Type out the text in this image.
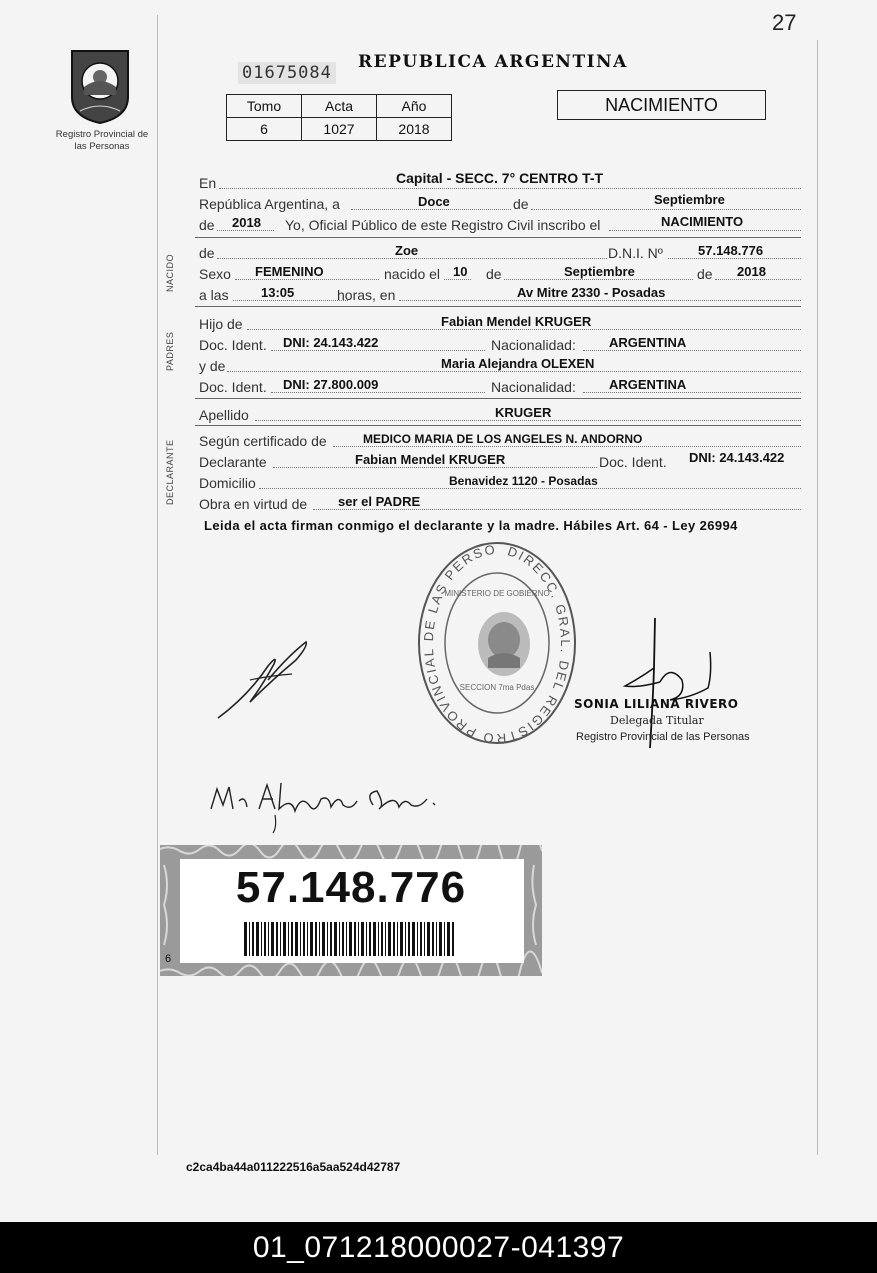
27
Registro Provincial de las Personas
01675084
REPUBLICA ARGENTINA
Tomo	Acta	Año
6	1027	2018
NACIMIENTO
En	Capital - SECC. 7° CENTRO T-T
República Argentina, a	Doce	de	Septiembre
de 2018 Yo, Oficial Público de este Registro Civil inscribo el	NACIMIENTO
NACIDO
de	Zoe	D.N.I. Nº	57.148.776
Sexo FEMENINO	nacido el 10 de	Septiembre	de 2018
a las 13:05	horas, en	Av Mitre 2330 - Posadas
PADRES
Hijo de	Fabian Mendel KRUGER
Doc. Ident. DNI: 24.143.422	Nacionalidad:	ARGENTINA
y de	Maria Alejandra OLEXEN
Doc. Ident. DNI: 27.800.009	Nacionalidad:	ARGENTINA
Apellido	KRUGER
DECLARANTE Según certificado de	MEDICO MARIA DE LOS ANGELES N. ANDORNO
Declarante	Fabian Mendel KRUGER	Doc. Ident. DNI: 24.143.422
Domicilio	Benavidez 1120 - Posadas
Obra en virtud de ser el PADRE
Leida el acta firman conmigo el declarante y la madre. Hábiles Art. 64 - Ley 26994
DIRECC. GRAL. DEL REGISTRO PROVINCIAL DE LAS PERSO
MINISTERIO DE GOBIERNO
SECCION 7ma Pdas
SONIA LILIANA RIVERO
Delegada Titular
Registro Provincial de las Personas
57.148.776
6
c2ca4ba44a011222516a5aa524d42787
01_071218000027-041397
